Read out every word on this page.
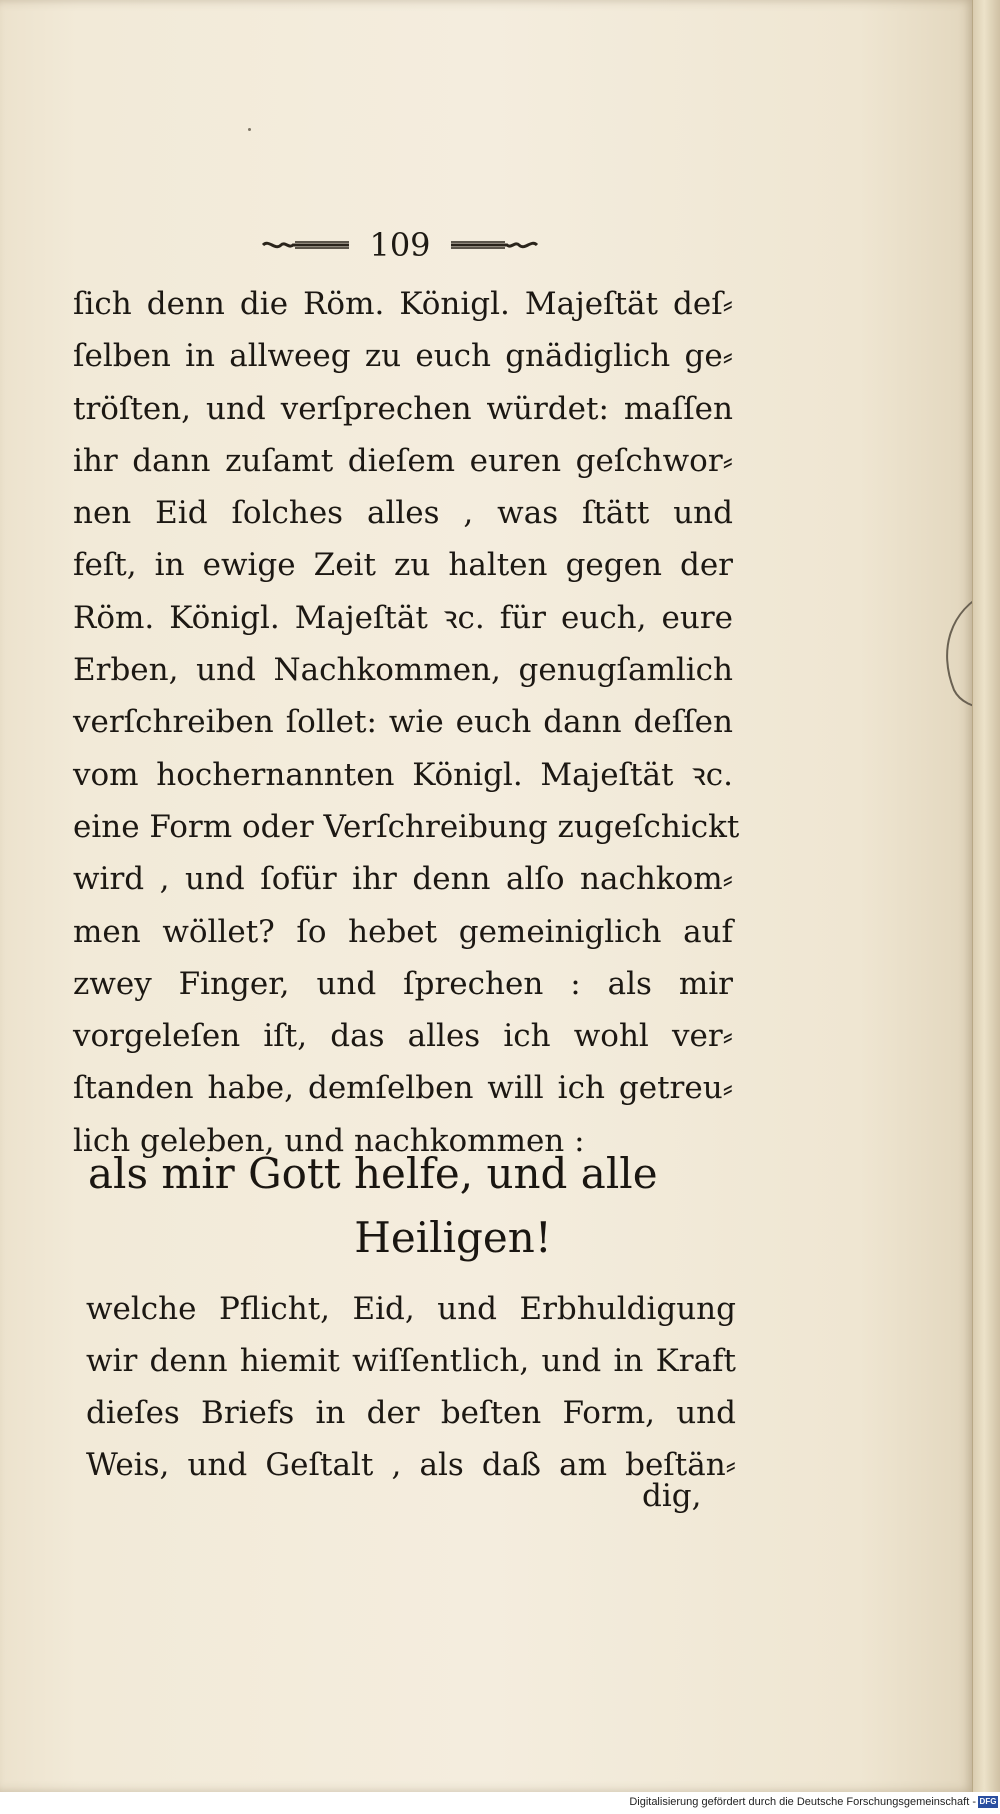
109
ſich denn die Röm. Königl. Majeſtät deſ⸗
ſelben in allweeg zu euch gnädiglich ge⸗
tröſten, und verſprechen würdet: maſſen
ihr dann zuſamt dieſem euren geſchwor⸗
nen Eid ſolches alles , was ſtätt und
feſt, in ewige Zeit zu halten gegen der
Röm. Königl. Majeſtät ꝛc. für euch, eure
Erben, und Nachkommen, genugſamlich
verſchreiben ſollet: wie euch dann deſſen
vom hochernannten Königl. Majeſtät ꝛc.
eine Form oder Verſchreibung zugeſchickt
wird , und ſofür ihr denn alſo nachkom⸗
men wöllet? ſo hebet gemeiniglich auf
zwey Finger, und ſprechen : als mir
vorgeleſen iſt, das alles ich wohl ver⸗
ſtanden habe, demſelben will ich getreu⸗
lich geleben, und nachkommen :
als mir Gott helfe, und alle
Heiligen!
welche Pflicht, Eid, und Erbhuldigung
wir denn hiemit wiſſentlich, und in Kraft
dieſes Briefs in der beſten Form, und
Weis, und Geſtalt , als daß am beſtän⸗
dig,
Digitalisierung gefördert durch die Deutsche Forschungsgemeinschaft - DFG
